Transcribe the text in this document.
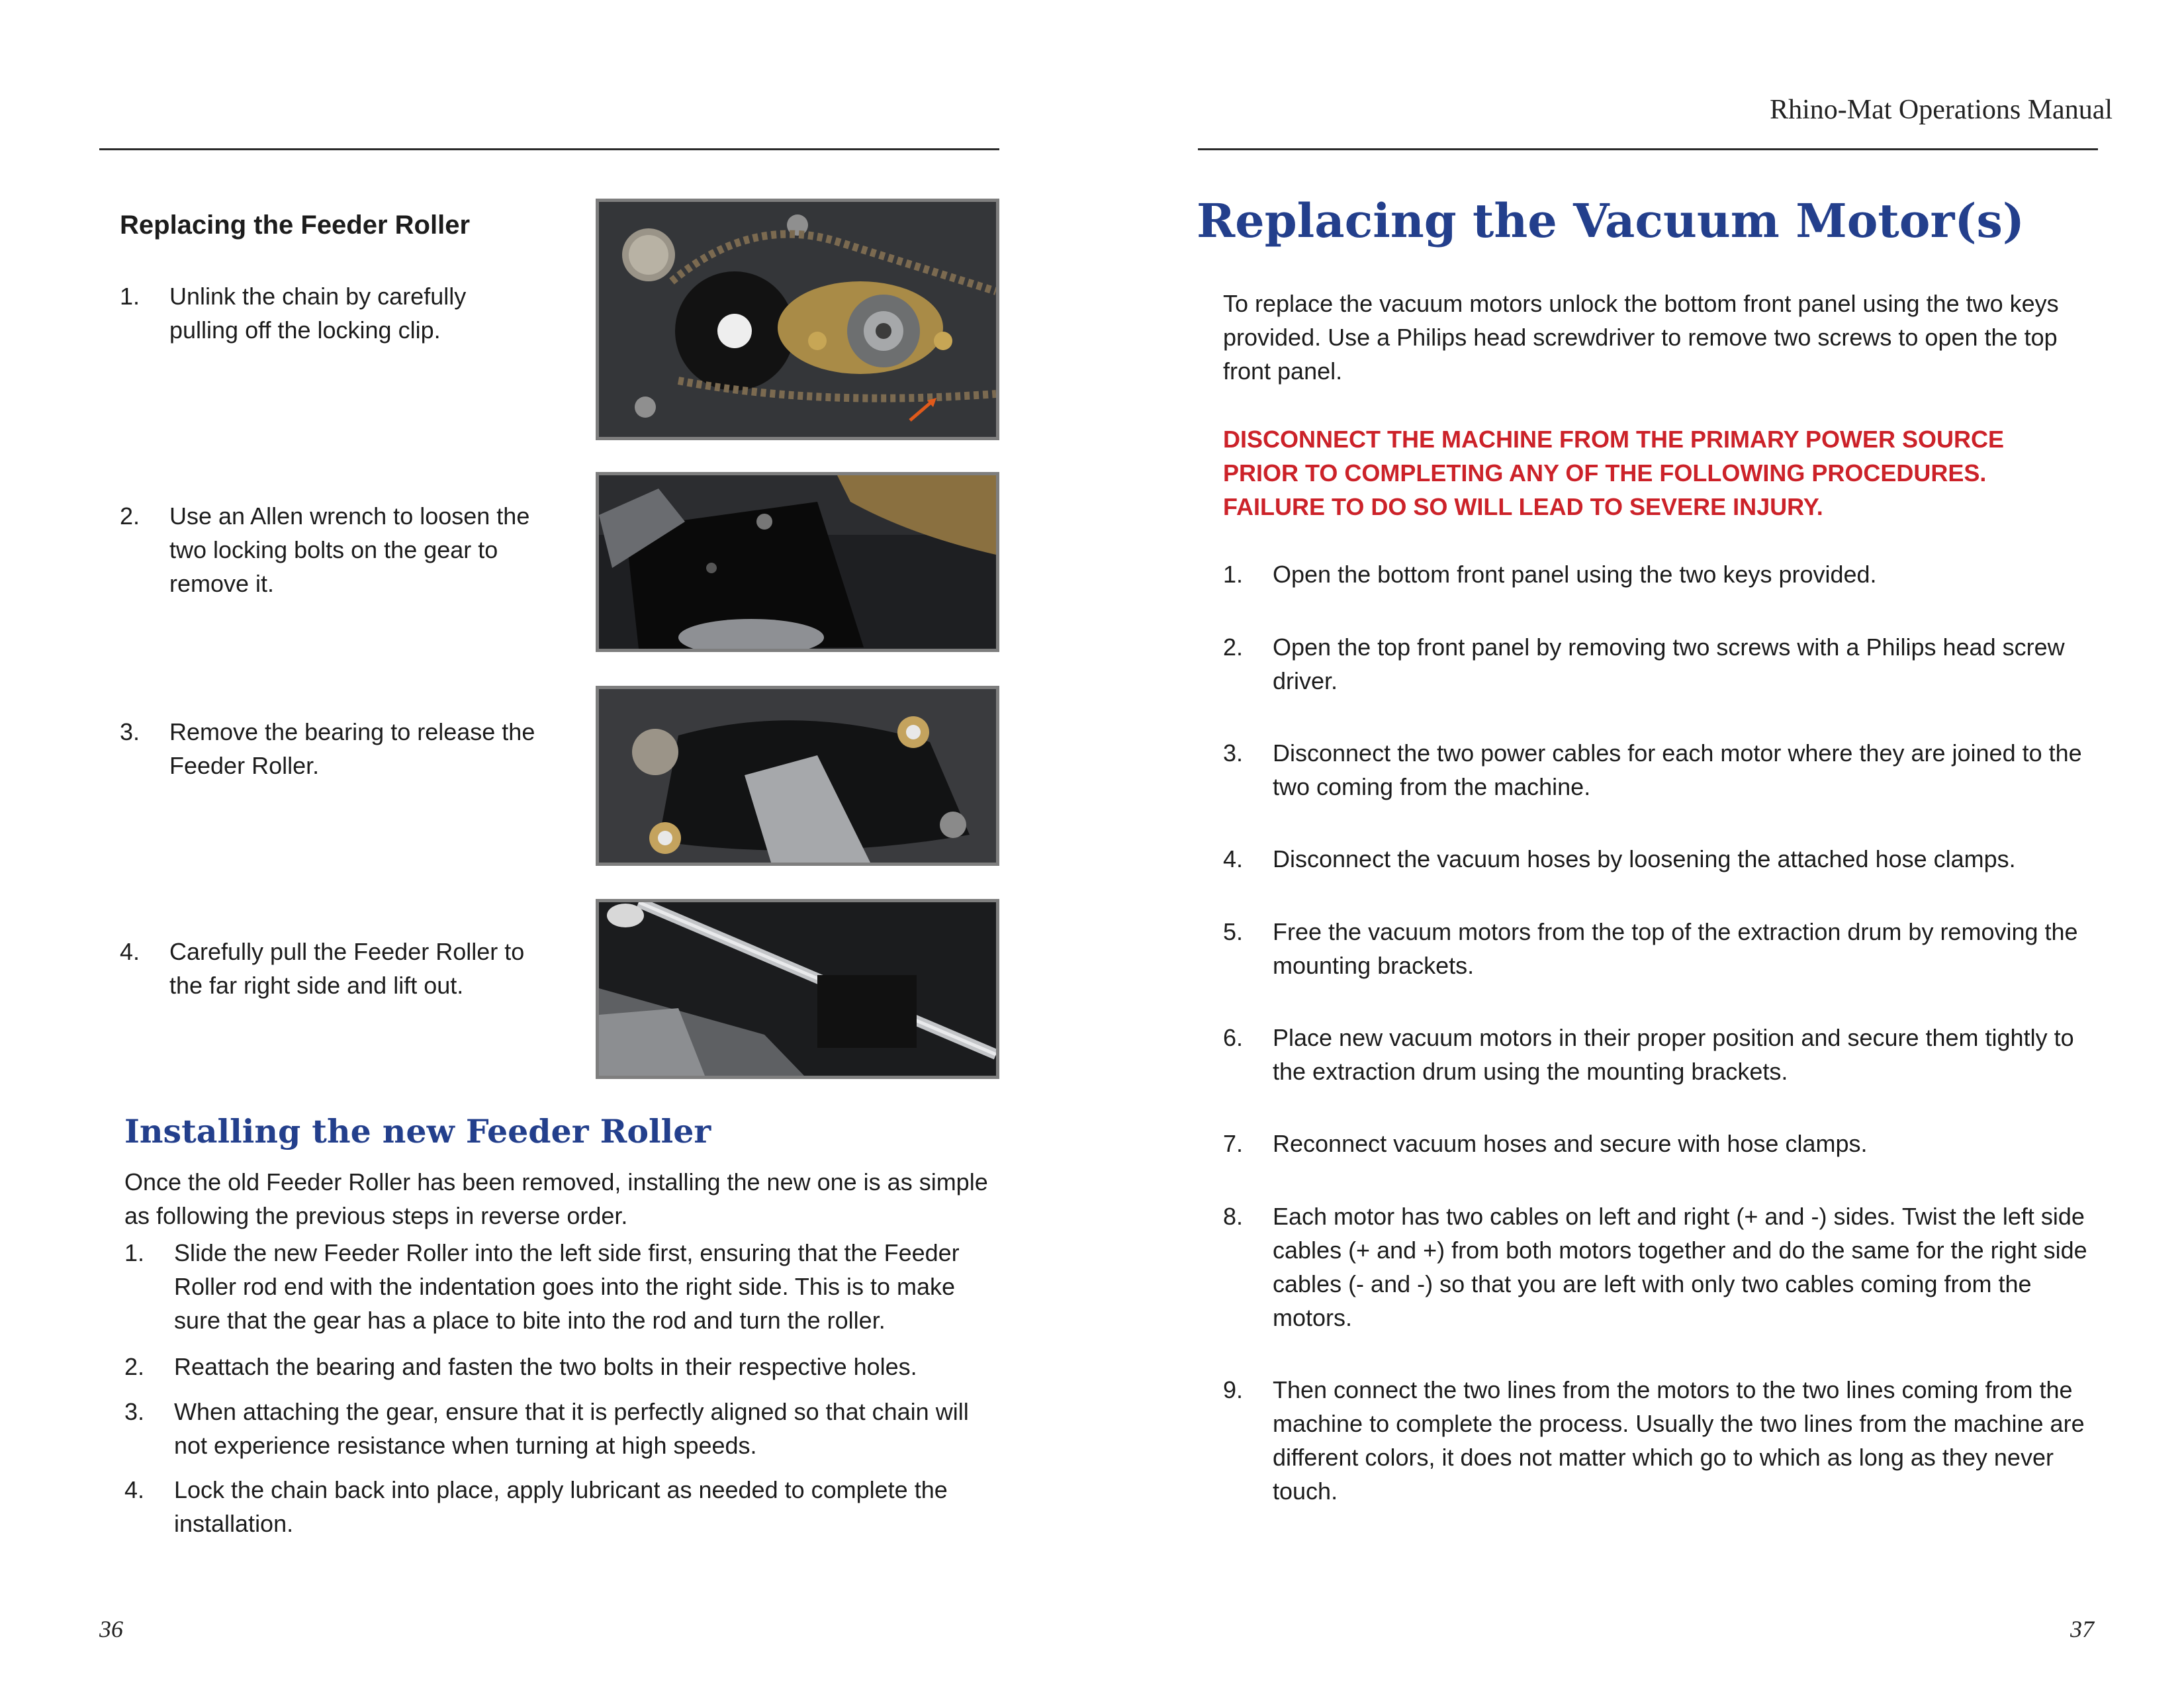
Rhino-Mat Operations Manual
Replacing the Feeder Roller
1. Unlink the chain by carefully pulling off the locking clip.
2. Use an Allen wrench to loosen the two locking bolts on the gear to remove it.
3. Remove the bearing to release the Feeder Roller.
4. Carefully pull the Feeder Roller to the far right side and lift out.
Installing the new Feeder Roller
Once the old Feeder Roller has been removed, installing the new one is as simple as following the previous steps in reverse order.
1. Slide the new Feeder Roller into the left side first, ensuring that the Feeder Roller rod end with the indentation goes into the right side. This is to make sure that the gear has a place to bite into the rod and turn the roller.
2. Reattach the bearing and fasten the two bolts in their respective holes.
3. When attaching the gear, ensure that it is perfectly aligned so that chain will not experience resistance when turning at high speeds.
4. Lock the chain back into place, apply lubricant as needed to complete the installation.
36
Replacing the Vacuum Motor(s)
To replace the vacuum motors unlock the bottom front panel using the two keys provided. Use a Philips head screwdriver to remove two screws to open the top front panel.
DISCONNECT THE MACHINE FROM THE PRIMARY POWER SOURCE PRIOR TO COMPLETING ANY OF THE FOLLOWING PROCEDURES. FAILURE TO DO SO WILL LEAD TO SEVERE INJURY.
1. Open the bottom front panel using the two keys provided.
2. Open the top front panel by removing two screws with a Philips head screw driver.
3. Disconnect the two power cables for each motor where they are joined to the two coming from the machine.
4. Disconnect the vacuum hoses by loosening the attached hose clamps.
5. Free the vacuum motors from the top of the extraction drum by removing the mounting brackets.
6. Place new vacuum motors in their proper position and secure them tightly to the extraction drum using the mounting brackets.
7. Reconnect vacuum hoses and secure with hose clamps.
8. Each motor has two cables on left and right (+ and -) sides. Twist the left side cables (+ and +) from both motors together and do the same for the right side cables (- and -) so that you are left with only two cables coming from the motors.
9. Then connect the two lines from the motors to the two lines coming from the machine to complete the process. Usually the two lines from the machine are different colors, it does not matter which go to which as long as they never touch.
37
